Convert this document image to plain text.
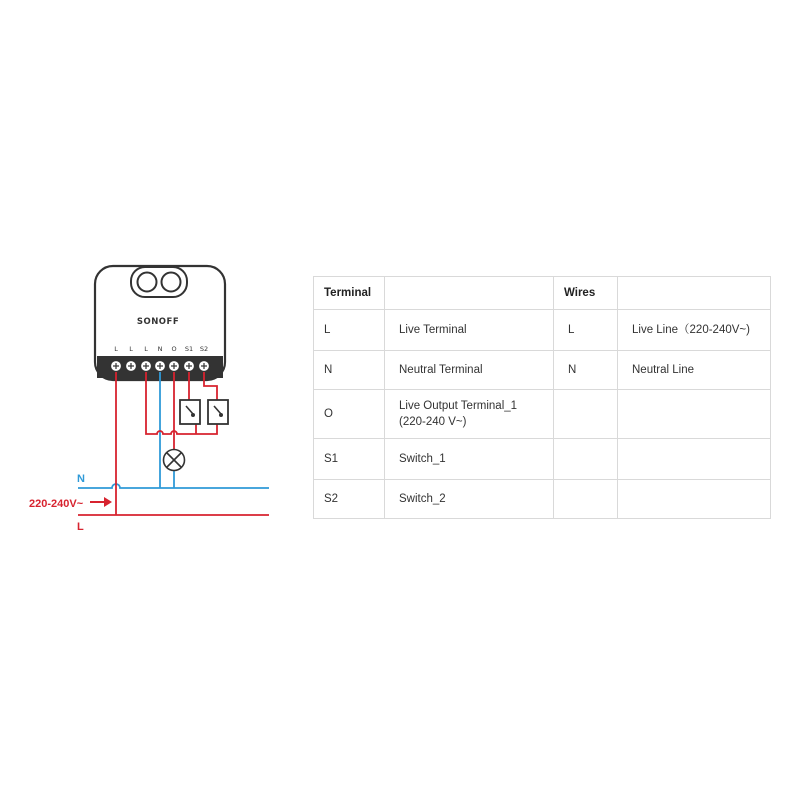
SONOFF
L L L N O S1 S2
N
L
220-240V~
Terminal		Wires	
L	Live Terminal	L	Live Line（220-240V~)
N	Neutral Terminal	N	Neutral Line
O	Live Output Terminal_1 (220-240 V~)		
S1	Switch_1		
S2	Switch_2		
